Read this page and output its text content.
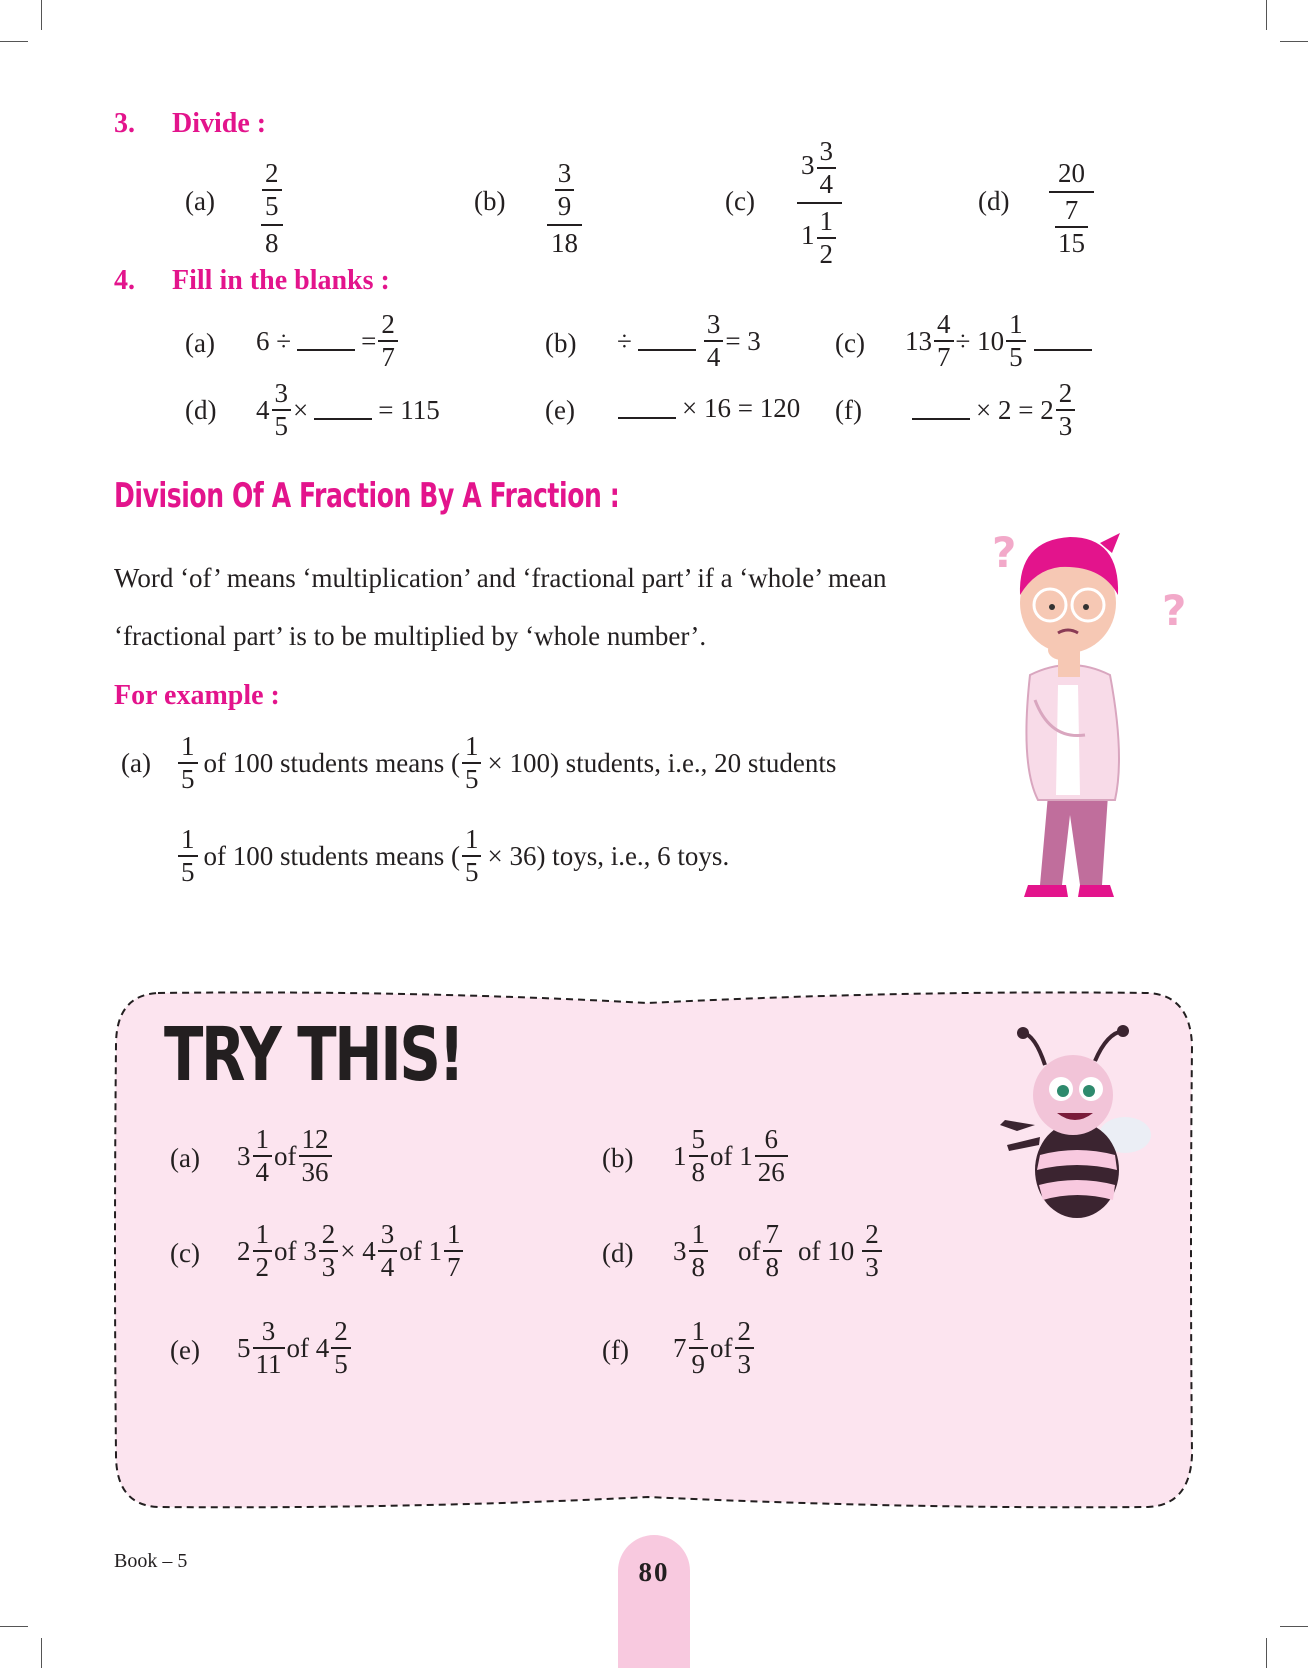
3. Divide :
$(a) \frac{2}{5}$
8
$(b) \frac{3}{9}$
18
(c)
$3 \frac{3}{4}$
$1 \frac{1}{2}$
(d)
20
$\frac{7}{15}$
4. Fill in the blanks :
(a) 6 ÷	= $\frac{2}{7}$	(b) ÷	$\frac{3}{4} = 3$	(c) $13 \frac{4}{7} \div 10 \frac{1}{5}$
(d) $4 \frac{3}{5}$ ×	= 115	(e)	× 16 = 120 (f)	× $2 = 2 \frac{2}{3}$
Division Of A Fraction By A Fraction :
Word ‘of’ means ‘multiplication’ and ‘fractional part’ if a ‘whole’ mean
‘fractional part’ is to be multiplied by ‘whole number’.
For example :
$(a) \frac{1}{5}$ of 100 students means ( $\frac{1}{5} \times 100$) students, i.e., 20 students
$\frac{1}{5}$ of 100 students means ( $\frac{1}{5} \times 36$) toys, i.e., 6 toys.
?
?
TRY THIS!
(a) $3 \frac{1}{4}$ of $\frac{12}{36}$	(b) $1 \frac{5}{8}$ of $1 \frac{6}{26}$
(c) $2 \frac{1}{2}$ of $3 \frac{2}{3} \times 4 \frac{3}{4}$ of $1 \frac{1}{7}$	(d) $3 \frac{1}{8}$ of $\frac{7}{8}$ of $10 \frac{2}{3}$
(e) $5 \frac{3}{11}$ of $4 \frac{2}{5}$	(f) $7 \frac{1}{9}$ of $\frac{2}{3}$
Book – 5	80
